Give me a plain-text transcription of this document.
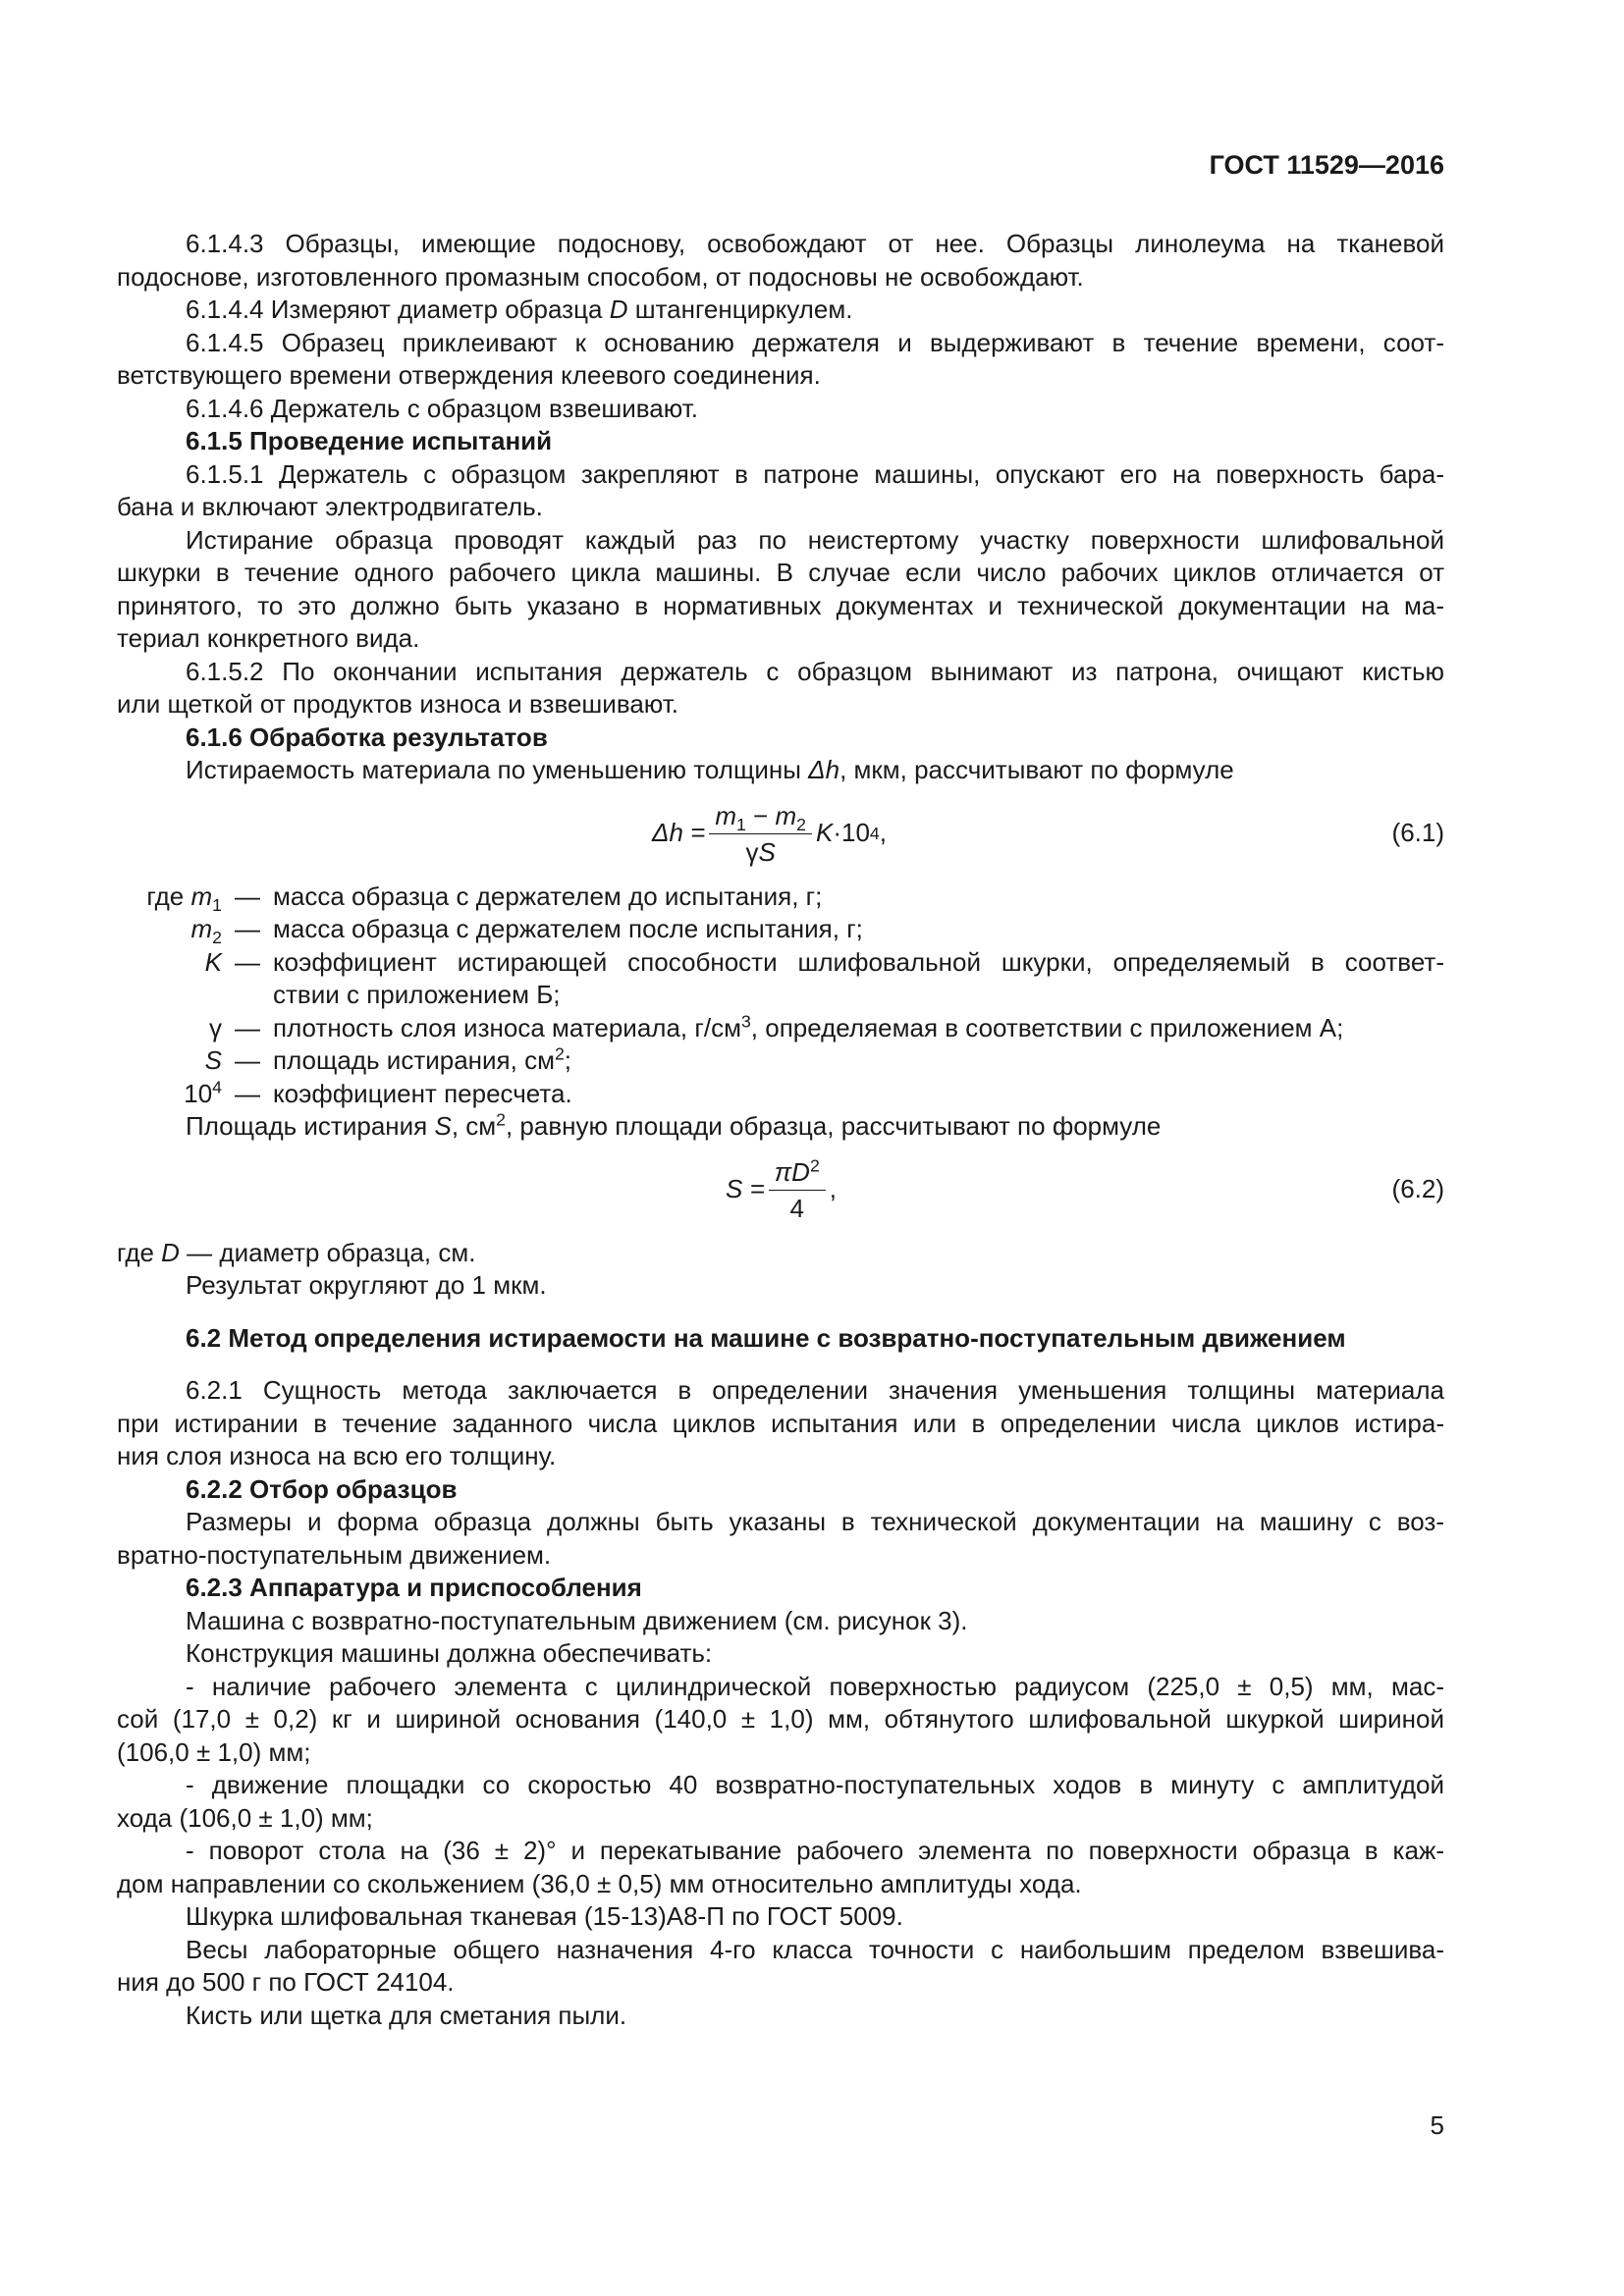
ГОСТ 11529—2016

6.1.4.3 Образцы, имеющие подоснову, освобождают от нее. Образцы линолеума на тканевой

подоснове, изготовленного промазным способом, от подосновы не освобождают.

6.1.4.4 Измеряют диаметр образца D штангенциркулем.

6.1.4.5 Образец приклеивают к основанию держателя и выдерживают в течение времени, соот-

ветствующего времени отверждения клеевого соединения.

6.1.4.6 Держатель с образцом взвешивают.

6.1.5 Проведение испытаний

6.1.5.1 Держатель с образцом закрепляют в патроне машины, опускают его на поверхность бара-

бана и включают электродвигатель.

Истирание образца проводят каждый раз по неистертому участку поверхности шлифовальной

шкурки в течение одного рабочего цикла машины. В случае если число рабочих циклов отличается от

принятого, то это должно быть указано в нормативных документах и технической документации на ма-

териал конкретного вида.

6.1.5.2 По окончании испытания держатель с образцом вынимают из патрона, очищают кистью

или щеткой от продуктов износа и взвешивают.

6.1.6 Обработка результатов

Истираемость материала по уменьшению толщины Δh, мкм, рассчитывают по формуле

$\Delta h = \frac{m_1 - m_2}{\gamma S}$ K ·10 4 ,	(6.1)
где $m_1$ — масса образца с держателем до испытания, г;
$m_2$ — масса образца с держателем после испытания, г;
K — коэффициент истирающей способности шлифовальной шкурки, определяемый в соответ-
ствии с приложением Б;
γ — плотность слоя износа материала, $г/см^3$, определяемая в соответствии с приложением А;
S — площадь истирания, $см^2$;
$10^4$ — коэффициент пересчета.

Площадь истирания S, $см^2$, равную площади образца, рассчитывают по формуле

$S = \frac{\pi D^2}{4}$ ,	(6.2)

где D — диаметр образца, см.

Результат округляют до 1 мкм.

6.2 Метод определения истираемости на машине с возвратно-поступательным движением

6.2.1 Сущность метода заключается в определении значения уменьшения толщины материала

при истирании в течение заданного числа циклов испытания или в определении числа циклов истира-

ния слоя износа на всю его толщину.

6.2.2 Отбор образцов

Размеры и форма образца должны быть указаны в технической документации на машину с воз-

вратно-поступательным движением.

6.2.3 Аппаратура и приспособления

Машина с возвратно-поступательным движением (см. рисунок 3).

Конструкция машины должна обеспечивать:

- наличие рабочего элемента с цилиндрической поверхностью радиусом (225,0 ± 0,5) мм, мас-

сой (17,0 ± 0,2) кг и шириной основания (140,0 ± 1,0) мм, обтянутого шлифовальной шкуркой шириной

(106,0 ± 1,0) мм;

- движение площадки со скоростью 40 возвратно-поступательных ходов в минуту с амплитудой

хода (106,0 ± 1,0) мм;

- поворот стола на (36 ± 2)° и перекатывание рабочего элемента по поверхности образца в каж-

дом направлении со скольжением (36,0 ± 0,5) мм относительно амплитуды хода.

Шкурка шлифовальная тканевая (15-13)А8-П по ГОСТ 5009.

Весы лабораторные общего назначения 4-го класса точности с наибольшим пределом взвешива-

ния до 500 г по ГОСТ 24104.

Кисть или щетка для сметания пыли.

5
